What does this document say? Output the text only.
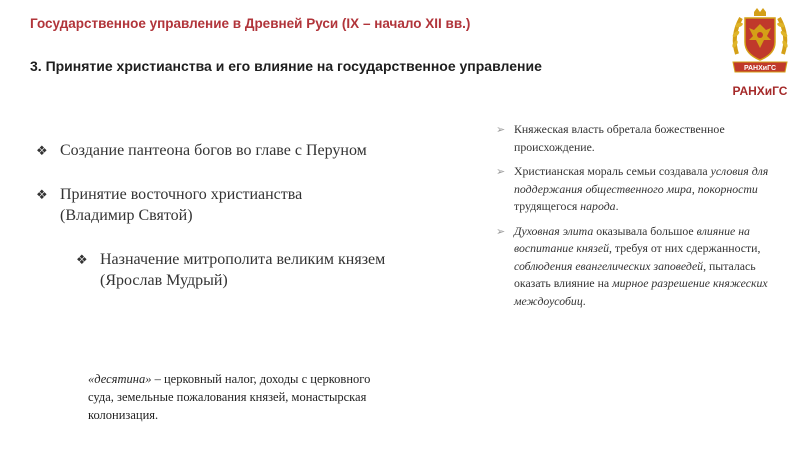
Государственное управление в Древней Руси (IX – начало XII вв.)
3. Принятие христианства и его влияние на государственное управление	РАНХиГС
РАНХиГС
❖ Создание пантеона богов во главе с Перуном
❖ Принятие восточного христианства (Владимир Святой)
❖ Назначение митрополита великим князем (Ярослав Мудрый)
«десятина» – церковный налог, доходы с церковного суда, земельные пожалования князей, монастырская колонизация.
➢ Княжеская власть обретала божественное происхождение.
➢ Христианская мораль семьи создавала условия для поддержания общественного мира, покорности трудящегося народа.
➢ Духовная элита оказывала большое влияние на воспитание князей, требуя от них сдержанности, соблюдения евангелических заповедей, пыталась оказать влияние на мирное разрешение княжеских междоусобиц.
